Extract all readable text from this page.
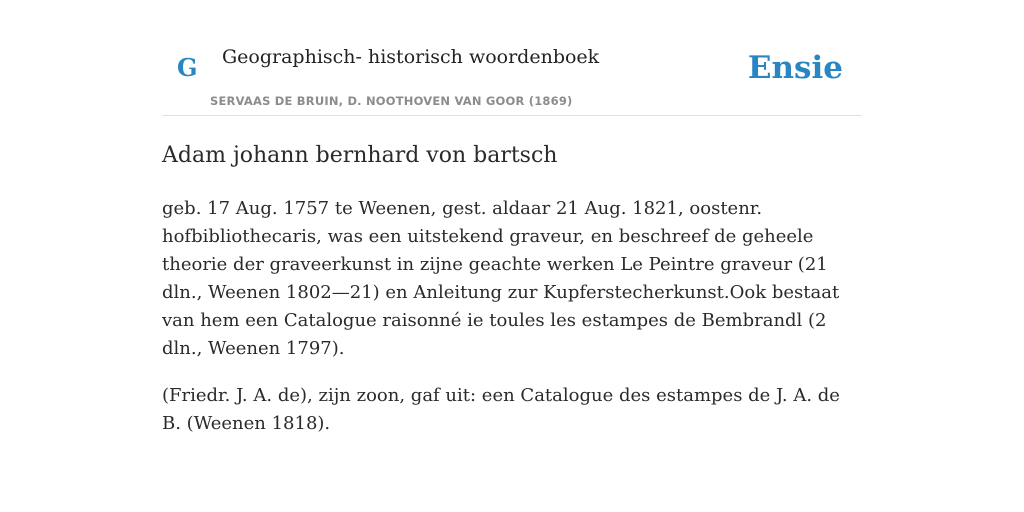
G Geographisch- historisch woordenboek
SERVAAS DE BRUIN, D. NOOTHOVEN VAN GOOR (1869)
Ensie
Adam johann bernhard von bartsch

geb. 17 Aug. 1757 te Weenen, gest. aldaar 21 Aug. 1821, oostenr. hofbibliothecaris, was een uitstekend graveur, en beschreef de geheele theorie der graveerkunst in zijne geachte werken Le Peintre graveur (21 dln., Weenen 1802—21) en Anleitung zur Kupferstecherkunst.Ook bestaat van hem een Catalogue raisonné ie toules les estampes de Bembrandl (2 dln., Weenen 1797).

(Friedr. J. A. de), zijn zoon, gaf uit: een Catalogue des estampes de J. A. de B. (Weenen 1818).
